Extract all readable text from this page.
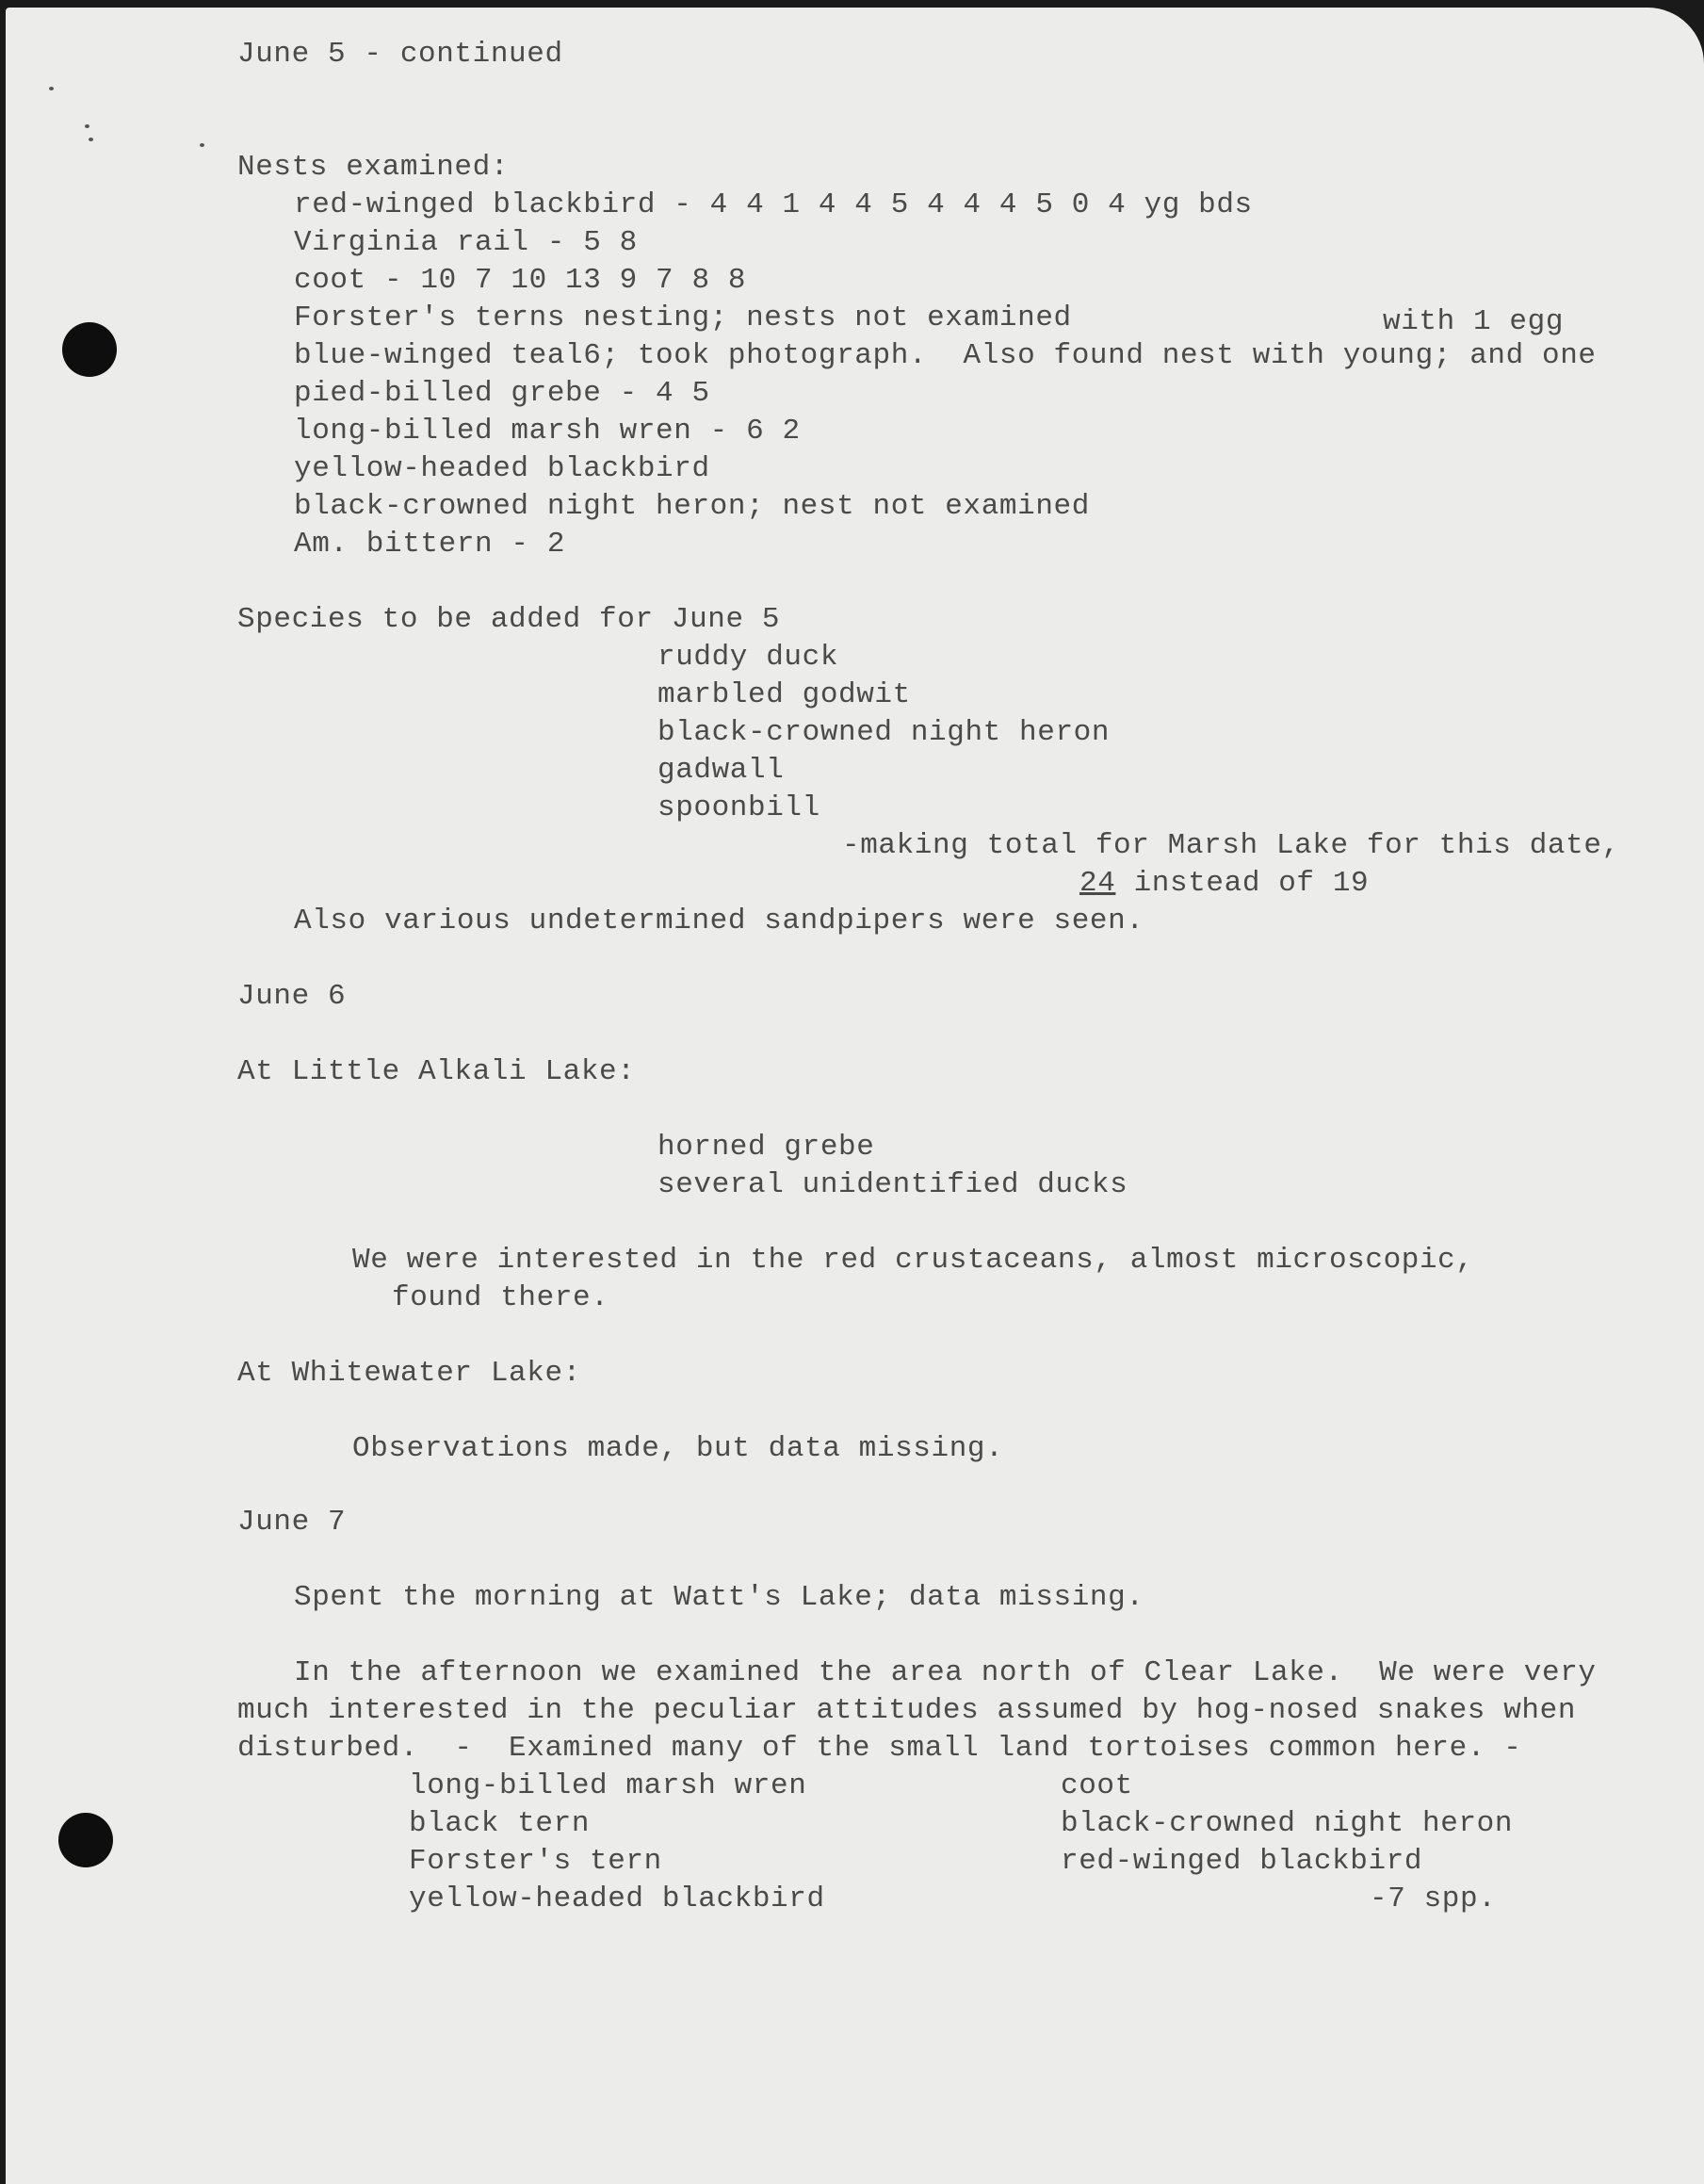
June 5 - continued
Nests examined:
red-winged blackbird - 4 4 1 4 4 5 4 4 4 5 0 4 yg bds
Virginia rail - 5 8
coot - 10 7 10 13 9 7 8 8
Forster's terns nesting; nests not examined	with 1 egg
blue-winged teal6; took photograph.  Also found nest with young; and one
pied-billed grebe - 4 5
long-billed marsh wren - 6 2
yellow-headed blackbird
black-crowned night heron; nest not examined
Am. bittern - 2
Species to be added for June 5
ruddy duck
marbled godwit
black-crowned night heron
gadwall
spoonbill
-making total for Marsh Lake for this date,
24 instead of 19
Also various undetermined sandpipers were seen.
June 6
At Little Alkali Lake:
horned grebe
several unidentified ducks
We were interested in the red crustaceans, almost microscopic,
found there.
At Whitewater Lake:
Observations made, but data missing.
June 7
Spent the morning at Watt's Lake; data missing.
In the afternoon we examined the area north of Clear Lake.  We were very
much interested in the peculiar attitudes assumed by hog-nosed snakes when
disturbed.  -  Examined many of the small land tortoises common here. -
long-billed marsh wren
black tern
Forster's tern
yellow-headed blackbird
coot
black-crowned night heron
red-winged blackbird
-7 spp.
